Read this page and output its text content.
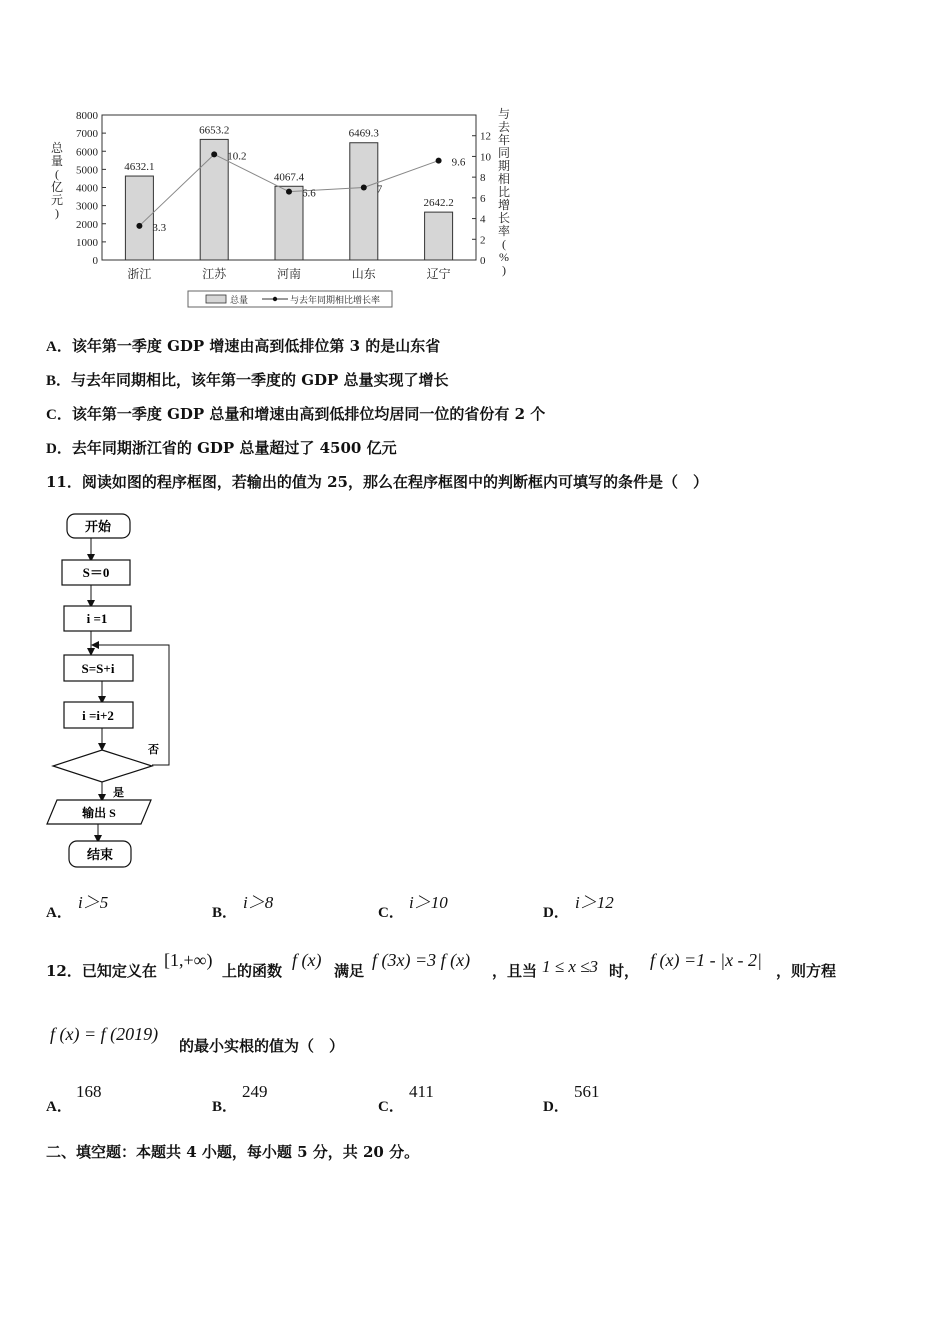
0
1000
2000
3000
4000
5000
6000
7000
8000
0
2
4
6
8
10
12
总
量
(
亿
元
)
与
去
年
同
期
相
比
增
长
率
(
%
)
4632.1
6653.2
4067.4
6469.3
2642.2
3.3
10.2
6.6	7
9.6
浙江	江苏	河南	山东	辽宁
总量	与去年同期相比增长率
A．该年第一季度 GDP 增速由高到低排位第 3 的是山东省
B．与去年同期相比，该年第一季度的 GDP 总量实现了增长
C．该年第一季度 GDP 总量和增速由高到低排位均居同一位的省份有 2 个
D．去年同期浙江省的 GDP 总量超过了 4500 亿元
11．阅读如图的程序框图，若输出的值为 25，那么在程序框图中的判断框内可填写的条件是（　）
开始
S＝0
i =1
S=S+i
i =i+2
否
是
输出 S
结束
A．
i＞5
B．
i＞8
C．
i＞10
D．
i＞12
12．已知定义在
[1,+∞)
上的函数
f (x)
满足
f (3x) =3 f (x)
，且当 1 ≤ x ≤3 时，
f (x) =1 - |x - 2|
，则方程
f (x) = f (2019)
的最小实根的值为（　）
A．
168
B．
249
C．
411
D．
561
二、填空题：本题共 4 小题，每小题 5 分，共 20 分。
